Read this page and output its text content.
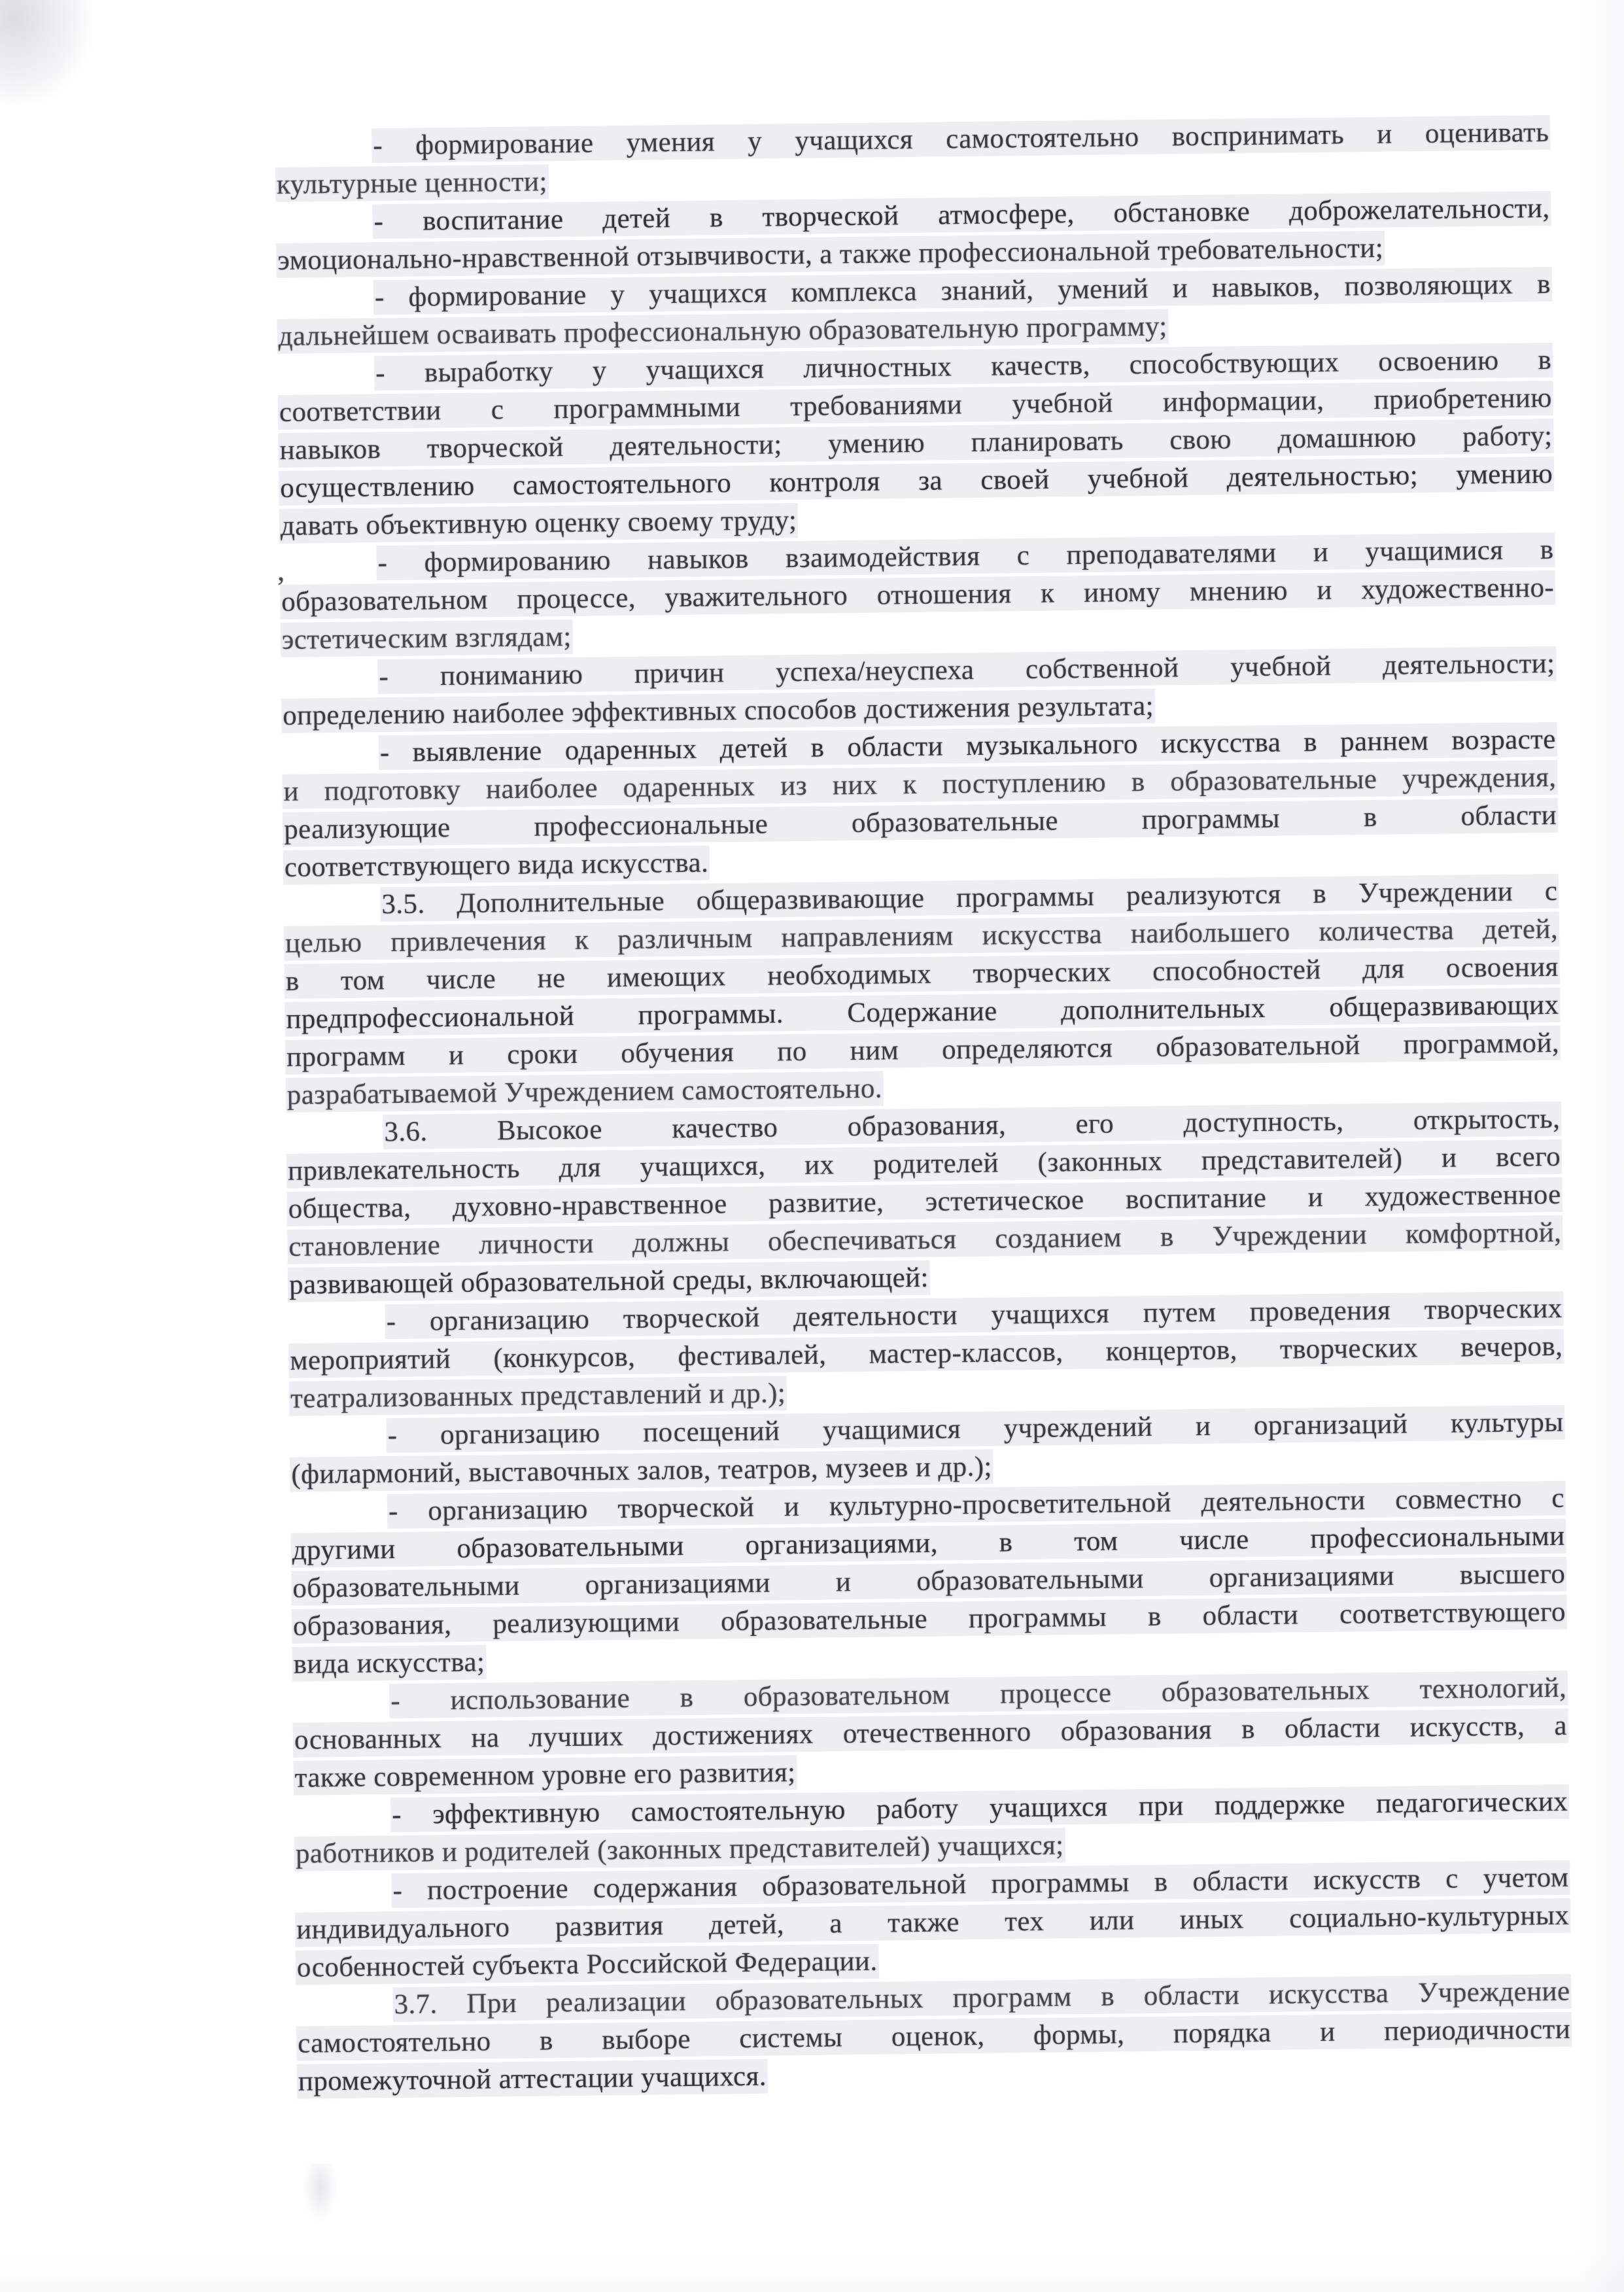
- формирование умения у учащихся самостоятельно воспринимать и оценивать
культурные ценности;
- воспитание детей в творческой атмосфере, обстановке доброжелательности,
эмоционально-нравственной отзывчивости, а также профессиональной требовательности;
- формирование у учащихся комплекса знаний, умений и навыков, позволяющих в
дальнейшем осваивать профессиональную образовательную программу;
- выработку у учащихся личностных качеств, способствующих освоению в
соответствии с программными требованиями учебной информации, приобретению
навыков творческой деятельности; умению планировать свою домашнюю работу;
осуществлению самостоятельного контроля за своей учебной деятельностью; умению
давать объективную оценку своему труду;
- формированию навыков взаимодействия с преподавателями и учащимися в
образовательном процессе, уважительного отношения к иному мнению и художественно-
эстетическим взглядам;
- пониманию причин успеха/неуспеха собственной учебной деятельности;
определению наиболее эффективных способов достижения результата;
- выявление одаренных детей в области музыкального искусства в раннем возрасте
и подготовку наиболее одаренных из них к поступлению в образовательные учреждения,
реализующие профессиональные образовательные программы в области
соответствующего вида искусства.
3.5. Дополнительные общеразвивающие программы реализуются в Учреждении с
целью привлечения к различным направлениям искусства наибольшего количества детей,
в том числе не имеющих необходимых творческих способностей для освоения
предпрофессиональной программы. Содержание дополнительных общеразвивающих
программ и сроки обучения по ним определяются образовательной программой,
разрабатываемой Учреждением самостоятельно.
3.6. Высокое качество образования, его доступность, открытость,
привлекательность для учащихся, их родителей (законных представителей) и всего
общества, духовно-нравственное развитие, эстетическое воспитание и художественное
становление личности должны обеспечиваться созданием в Учреждении комфортной,
развивающей образовательной среды, включающей:
- организацию творческой деятельности учащихся путем проведения творческих
мероприятий (конкурсов, фестивалей, мастер-классов, концертов, творческих вечеров,
театрализованных представлений и др.);
- организацию посещений учащимися учреждений и организаций культуры
(филармоний, выставочных залов, театров, музеев и др.);
- организацию творческой и культурно-просветительной деятельности совместно с
другими образовательными организациями, в том числе профессиональными
образовательными организациями и образовательными организациями высшего
образования, реализующими образовательные программы в области соответствующего
вида искусства;
- использование в образовательном процессе образовательных технологий,
основанных на лучших достижениях отечественного образования в области искусств, а
также современном уровне его развития;
- эффективную самостоятельную работу учащихся при поддержке педагогических
работников и родителей (законных представителей) учащихся;
- построение содержания образовательной программы в области искусств с учетом
индивидуального развития детей, а также тех или иных социально-культурных
особенностей субъекта Российской Федерации.
3.7. При реализации образовательных программ в области искусства Учреждение
самостоятельно в выборе системы оценок, формы, порядка и периодичности
промежуточной аттестации учащихся.
,
